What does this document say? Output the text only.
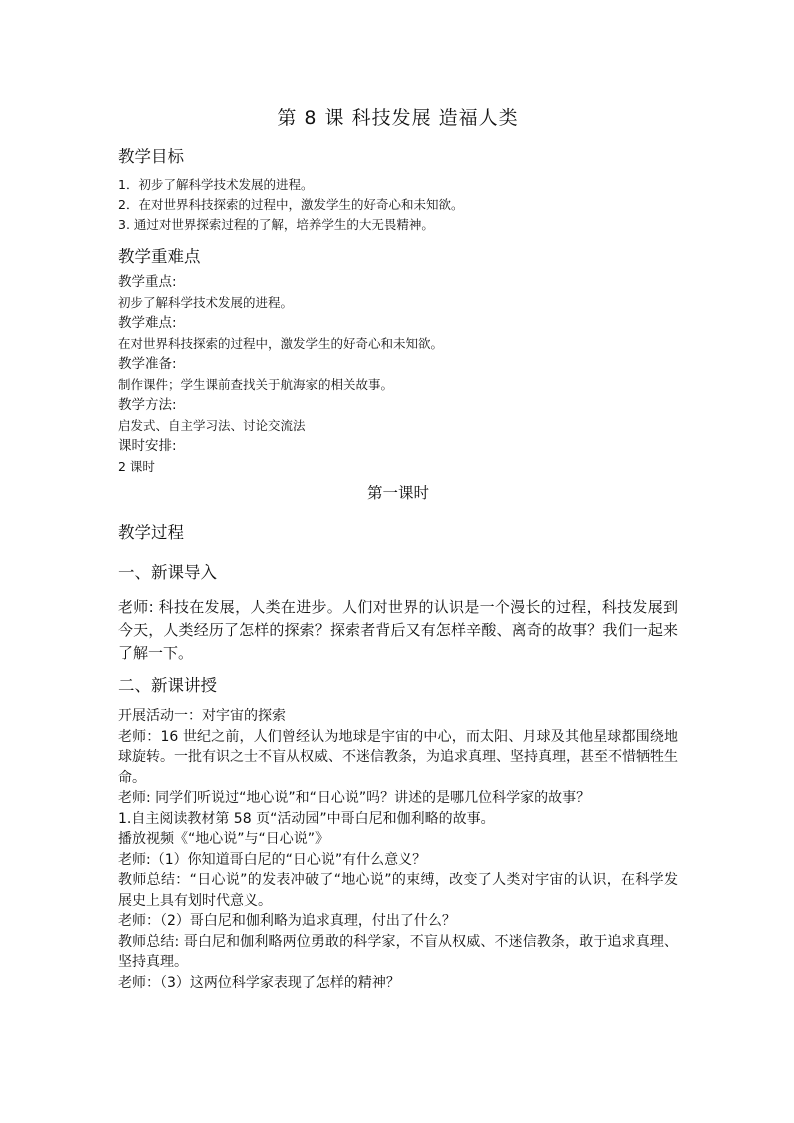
第 8 课 科技发展 造福人类
教学目标
1．初步了解科学技术发展的进程。
2．在对世界科技探索的过程中，激发学生的好奇心和未知欲。
3. 通过对世界探索过程的了解，培养学生的大无畏精神。
教学重难点
教学重点:
初步了解科学技术发展的进程。
教学难点:
在对世界科技探索的过程中，激发学生的好奇心和未知欲。
教学准备:
制作课件；学生课前查找关于航海家的相关故事。
教学方法:
启发式、自主学习法、讨论交流法
课时安排:
2 课时
第一课时
教学过程
一、新课导入
老师: 科技在发展，人类在进步。人们对世界的认识是一个漫长的过程，科技发展到今天，人类经历了怎样的探索？探索者背后又有怎样辛酸、离奇的故事？我们一起来了解一下。
二、新课讲授
开展活动一：对宇宙的探索
老师：16 世纪之前，人们曾经认为地球是宇宙的中心，而太阳、月球及其他星球都围绕地球旋转。一批有识之士不盲从权威、不迷信教条，为追求真理、坚持真理，甚至不惜牺牲生命。
老师: 同学们听说过“地心说”和“日心说”吗？讲述的是哪几位科学家的故事？
1.自主阅读教材第 58 页“活动园”中哥白尼和伽利略的故事。
播放视频《“地心说”与“日心说”》
老师:（1）你知道哥白尼的“日心说”有什么意义？
教师总结：“日心说”的发表冲破了“地心说”的束缚，改变了人类对宇宙的认识，在科学发展史上具有划时代意义。
老师：（2）哥白尼和伽利略为追求真理，付出了什么？
教师总结: 哥白尼和伽利略两位勇敢的科学家，不盲从权威、不迷信教条，敢于追求真理、坚持真理。
老师：（3）这两位科学家表现了怎样的精神？
